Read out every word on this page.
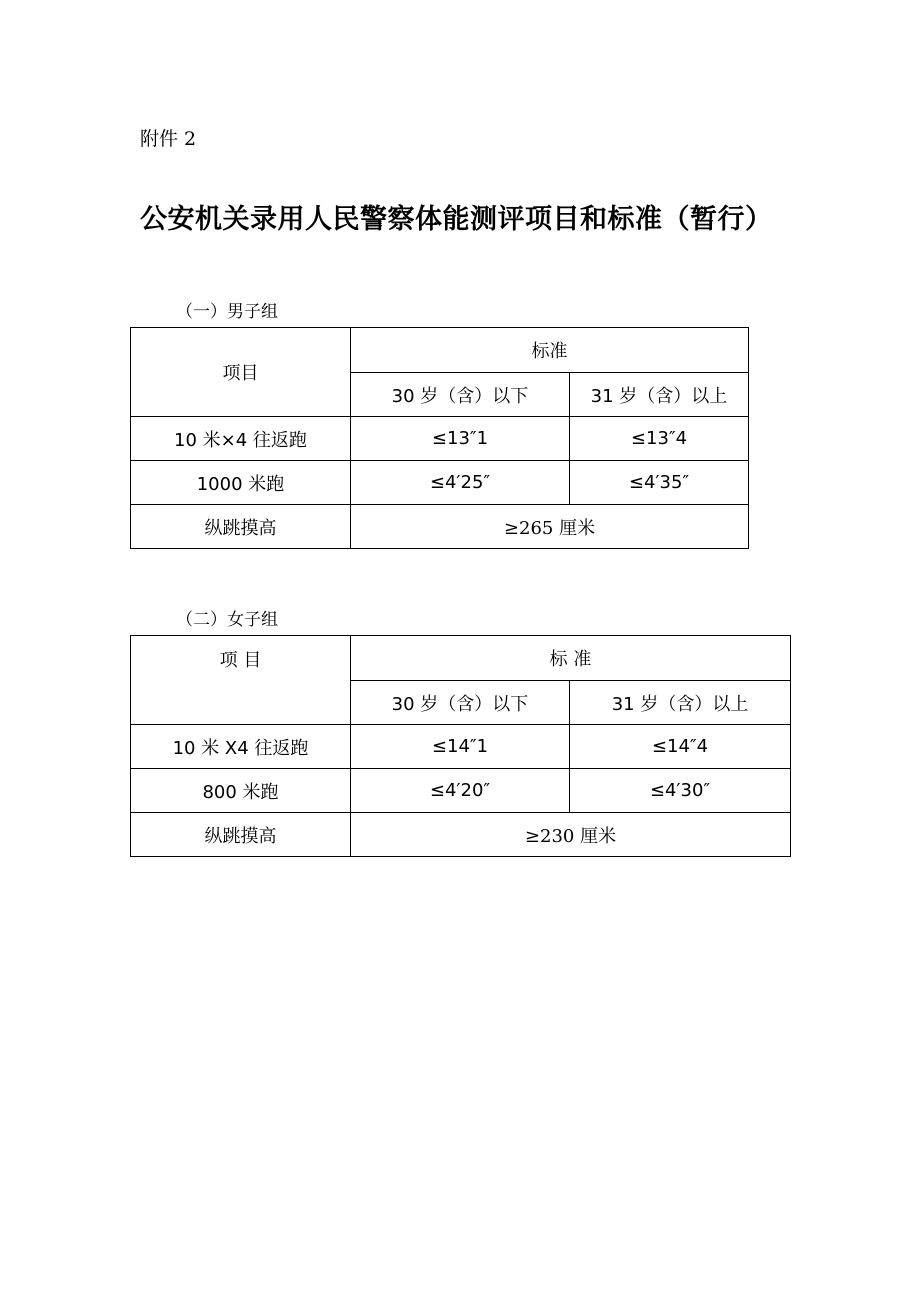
附件 2
公安机关录用人民警察体能测评项目和标准（暂行）
（一）男子组
项目	标准	
	30 岁（含）以下	31 岁（含）以上
10 米×4 往返跑	≤13″1	≤13″4
1000 米跑	≤4′25″	≤4′35″
纵跳摸高	≥265 厘米	
（二）女子组
项 目	标 准	
	30 岁（含）以下	31 岁（含）以上
10 米 X4 往返跑	≤14″1	≤14″4
800 米跑	≤4′20″	≤4′30″
纵跳摸高	≥230 厘米	
